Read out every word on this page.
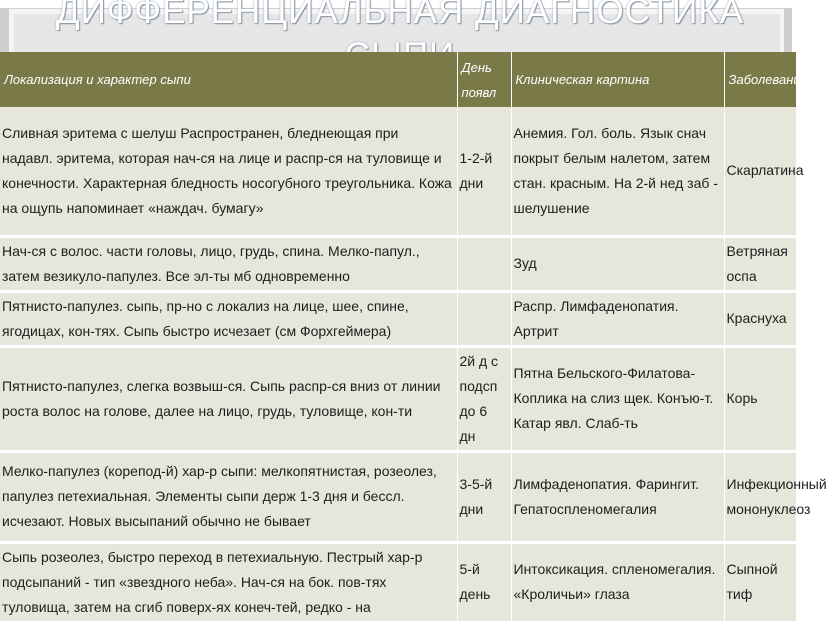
ДИФФЕРЕНЦИАЛЬНАЯ ДИАГНОСТИКА
Локализация и характер сыпи	День появл	Клиническая картина	Заболевание
Сливная эритема с шелуш Распространен, бледнеющая при надавл. эритема, которая нач-ся на лице и распр-ся на туловище и конечности. Характерная бледность носогубного треугольника. Кожа на ощупь напоминает «наждач. бумагу»	1-2-й дни	Анемия. Гол. боль. Язык снач покрыт белым налетом, затем стан. красным. На 2-й нед заб - шелушение	Скарлатина
Нач-ся с волос. части головы, лицо, грудь, спина. Мелко-папул., затем везикуло-папулез. Все эл-ты мб одновременно		Зуд	Ветряная оспа
Пятнисто-папулез. сыпь, пр-но с локализ на лице, шее, спине, ягодицах, кон-тях. Сыпь быстро исчезает (см Форхгеймера)		Распр. Лимфаденопатия. Артрит	Краснуха
Пятнисто-папулез, слегка возвыш-ся. Сыпь распр-ся вниз от линии роста волос на голове, далее на лицо, грудь, туловище, кон-ти	2й д с подсп до 6 дн	Пятна Бельского-Филатова-Коплика на слиз щек. Конъю-т. Катар явл. Слаб-ть	Корь
Мелко-папулез (корепод-й) хар-р сыпи: мелкопятнистая, розеолез, папулез петехиальная. Элементы сыпи держ 1-3 дня и бессл. исчезают. Новых высыпаний обычно не бывает	3-5-й дни	Лимфаденопатия. Фарингит. Гепатоспленомегалия	Инфекционный мононуклеоз
Сыпь розеолез, быстро переход в петехиальную. Пестрый хар-р подсыпаний - тип «звездного неба». Нач-ся на бок. пов-тях туловища, затем на сгиб поверх-ях конеч-тей, редко - на	5-й день	Интоксикация. спленомегалия. «Кроличьи» глаза	Сыпной тиф
